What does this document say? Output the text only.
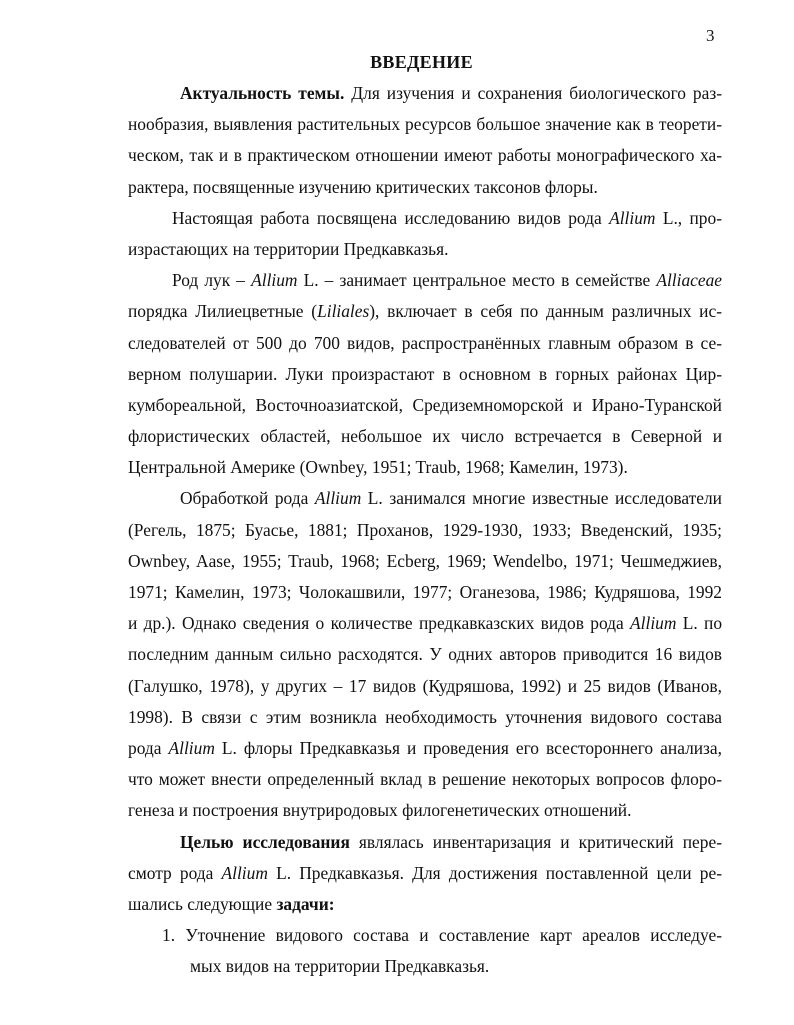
3
ВВЕДЕНИЕ
Актуальность темы. Для изучения и сохранения биологического раз-
нообразия, выявления растительных ресурсов большое значение как в теорети-
ческом, так и в практическом отношении имеют работы монографического ха-
рактера, посвященные изучению критических таксонов флоры.
Настоящая работа посвящена исследованию видов рода Allium L., про-
израстающих на территории Предкавказья.
Род лук – Allium L. – занимает центральное место в семействе Alliaceae
порядка Лилиецветные (Liliales), включает в себя по данным различных ис-
следователей от 500 до 700 видов, распространённых главным образом в се-
верном полушарии. Луки произрастают в основном в горных районах Цир-
кумбореальной, Восточноазиатской, Средиземноморской и Ирано-Туранской
флористических областей, небольшое их число встречается в Северной и
Центральной Америке (Ownbey, 1951; Traub, 1968; Камелин, 1973).
Обработкой рода Allium L. занимался многие известные исследователи
(Регель, 1875; Буасье, 1881; Проханов, 1929-1930, 1933; Введенский, 1935;
Ownbey, Aase, 1955; Traub, 1968; Ecberg, 1969; Wendelbo, 1971; Чешмеджиев,
1971; Камелин, 1973; Чолокашвили, 1977; Оганезова, 1986; Кудряшова, 1992
и др.). Однако сведения о количестве предкавказских видов рода Allium L. по
последним данным сильно расходятся. У одних авторов приводится 16 видов
(Галушко, 1978), у других – 17 видов (Кудряшова, 1992) и 25 видов (Иванов,
1998). В связи с этим возникла необходимость уточнения видового состава
рода Allium L. флоры Предкавказья и проведения его всестороннего анализа,
что может внести определенный вклад в решение некоторых вопросов флоро-
генеза и построения внутриродовых филогенетических отношений.
Целью исследования являлась инвентаризация и критический пере-
смотр рода Allium L. Предкавказья. Для достижения поставленной цели ре-
шались следующие задачи:
1. Уточнение видового состава и составление карт ареалов исследуе-
мых видов на территории Предкавказья.
